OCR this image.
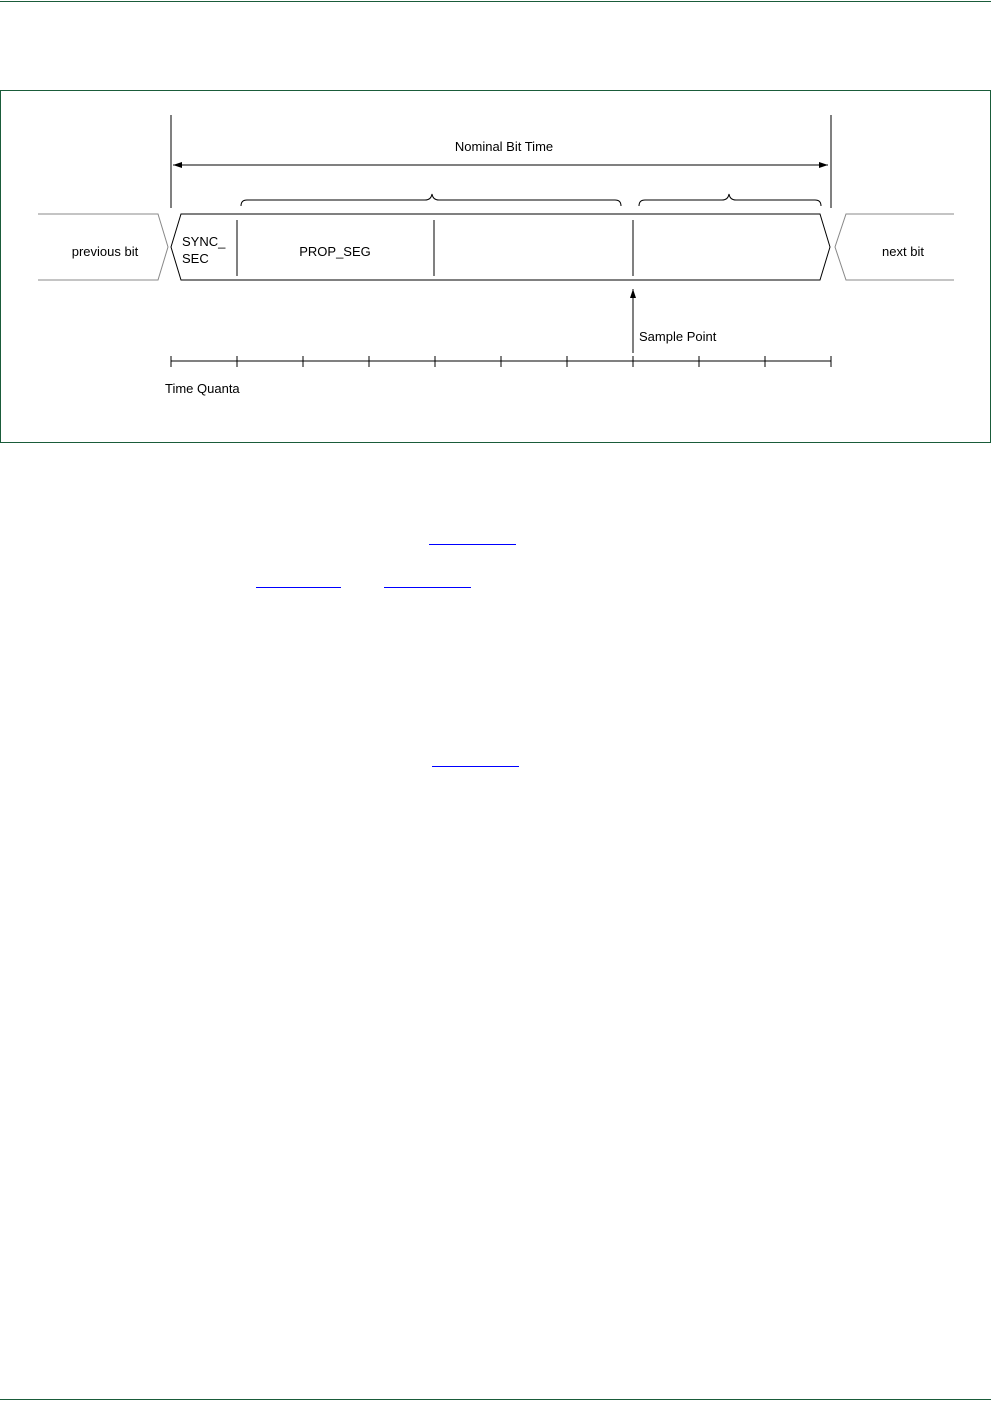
Nominal Bit Time
previous bit	next bit
SYNC_
SEC	PROP_SEG
Sample Point
Time Quanta
